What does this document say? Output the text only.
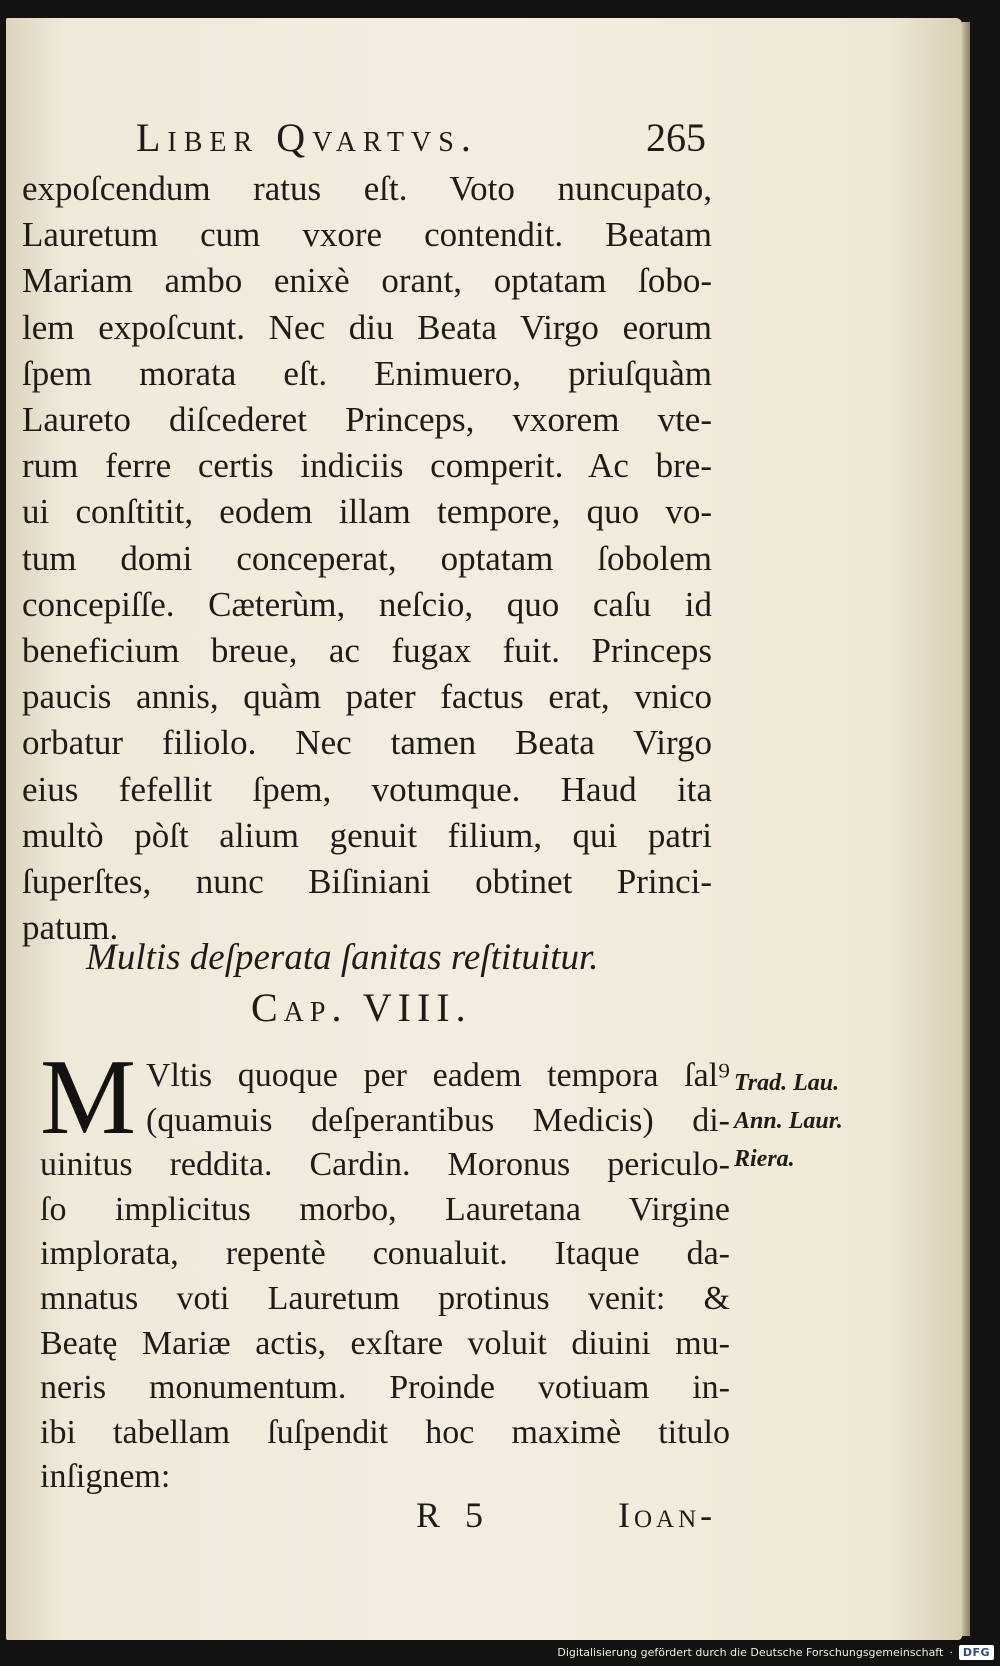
Liber Qvartvs.	265
expoſcendum ratus eſt. Voto nuncupato,
Lauretum cum vxore contendit. Beatam
Mariam ambo enixè orant, optatam ſobo-
lem expoſcunt. Nec diu Beata Virgo eorum
ſpem morata eſt. Enimuero, priuſquàm
Laureto diſcederet Princeps, vxorem vte-
rum ferre certis indiciis comperit. Ac bre-
ui conſtitit, eodem illam tempore, quo vo-
tum domi conceperat, optatam ſobolem
concepiſſe. Cæterùm, neſcio, quo caſu id
beneficium breue, ac fugax fuit. Princeps
paucis annis, quàm pater factus erat, vnico
orbatur filiolo. Nec tamen Beata Virgo
eius fefellit ſpem, votumque. Haud ita
multò pòſt alium genuit filium, qui patri
ſuperſtes, nunc Biſiniani obtinet Princi-
patum.
Multis deſperata ſanitas reſtituitur.
Cap. VIII.
M Vltis quoque per eadem tempora ſal⁹
(quamuis deſperantibus Medicis) di-
uinitus reddita. Cardin. Moronus periculo-
ſo implicitus morbo, Lauretana Virgine
implorata, repentè conualuit. Itaque da-
mnatus voti Lauretum protinus venit: &
Beatę Mariæ actis, exſtare voluit diuini mu-
neris monumentum. Proinde votiuam in-
ibi tabellam ſuſpendit hoc maximè titulo
inſignem:
Trad. Lau.
Ann. Laur.
Riera.
R 5	Ioan-
Digitalisierung gefördert durch die Deutsche Forschungsgemeinschaft · DFG
